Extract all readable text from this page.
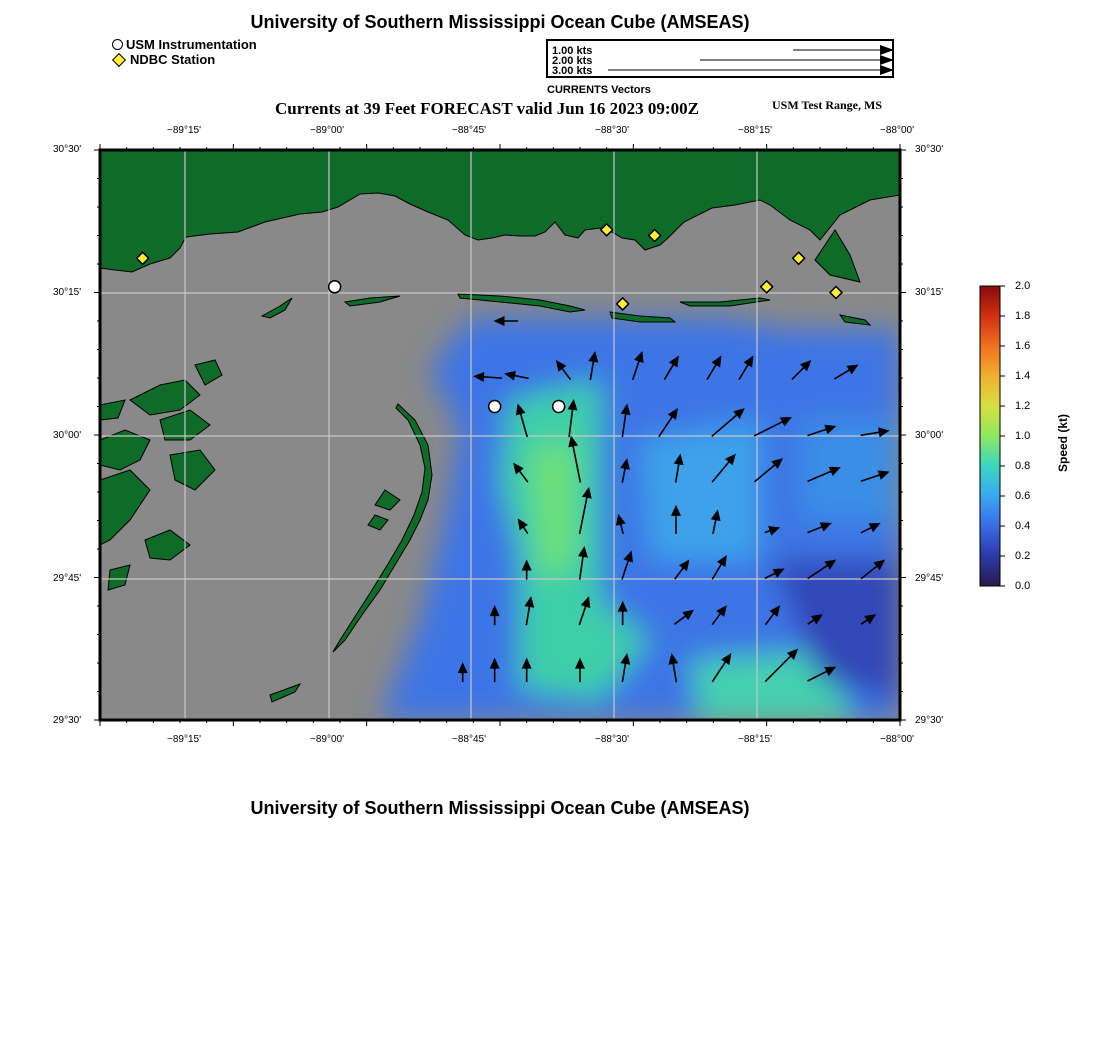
University of Southern Mississippi Ocean Cube (AMSEAS)
USM Instrumentation
NDBC Station
1.00 kts
2.00 kts
3.00 kts
CURRENTS Vectors
Currents at 39 Feet FORECAST valid Jun 16 2023 09:00Z	USM Test Range, MS
−89°15'	−89°00'	−88°45'	−88°30'	−88°15'	−88°00'
−89°15'	−89°00'	−88°45'	−88°30'	−88°15'	−88°00'
30°30'
30°15'
30°00'
29°45'
29°30'
30°30'
30°15'
30°00'
29°45'
29°30'
2.0
1.8
1.6
1.4
1.2
1.0
0.8
0.6
0.4
0.2
0.0
Speed (kt)
University of Southern Mississippi Ocean Cube (AMSEAS)
